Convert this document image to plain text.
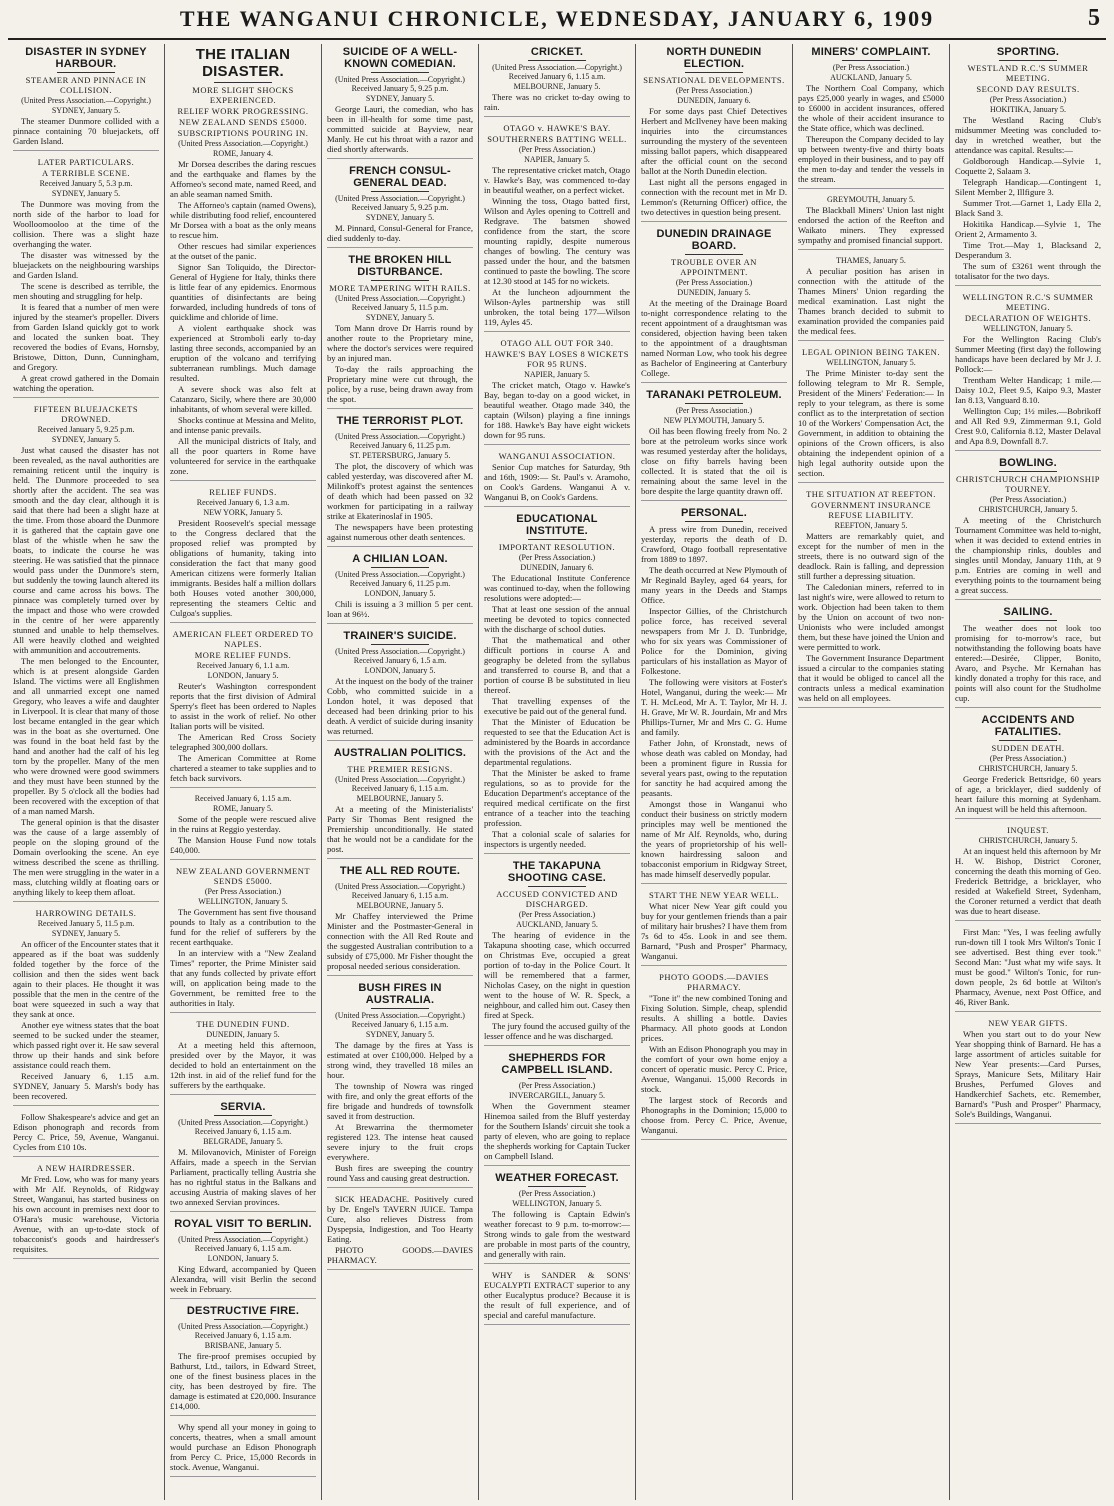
THE WANGANUI CHRONICLE, WEDNESDAY, JANUARY 6, 1909	5
DISASTER IN SYDNEY HARBOUR.
STEAMER AND PINNACE IN COLLISION.
(United Press Association.—Copyright.)
SYDNEY, January 5.
The steamer Dunmore collided with a pinnace containing 70 bluejackets, off Garden Island.
LATER PARTICULARS.
A TERRIBLE SCENE.
Received January 5, 5.3 p.m.
SYDNEY, January 5.
The Dunmore was moving from the north side of the harbor to load for Woolloomooloo at the time of the collision. There was a slight haze overhanging the water.
The disaster was witnessed by the bluejackets on the neighbouring warships and Garden Island.
The scene is described as terrible, the men shouting and struggling for help.
It is feared that a number of men were injured by the steamer's propeller. Divers from Garden Island quickly got to work and located the sunken boat. They recovered the bodies of Evans, Hornsby, Bristowe, Ditton, Dunn, Cunningham, and Gregory.
A great crowd gathered in the Domain watching the operation.
FIFTEEN BLUEJACKETS DROWNED.
Received January 5, 9.25 p.m.
SYDNEY, January 5.
Just what caused the disaster has not been revealed, as the naval authorities are remaining reticent until the inquiry is held. The Dunmore proceeded to sea shortly after the accident. The sea was smooth and the day clear, although it is said that there had been a slight haze at the time. From those aboard the Dunmore it is gathered that the captain gave one blast of the whistle when he saw the boats, to indicate the course he was steering. He was satisfied that the pinnace would pass under the Dunmore's stern, but suddenly the towing launch altered its course and came across his bows. The pinnace was completely turned over by the impact and those who were crowded in the centre of her were apparently stunned and unable to help themselves. All were heavily clothed and weighted with ammunition and accoutrements.
The men belonged to the Encounter, which is at present alongside Garden Island. The victims were all Englishmen and all unmarried except one named Gregory, who leaves a wife and daughter in Liverpool. It is clear that many of those lost became entangled in the gear which was in the boat as she overturned. One was found in the boat held fast by the hand and another had the calf of his leg torn by the propeller. Many of the men who were drowned were good swimmers and they must have been stunned by the propeller. By 5 o'clock all the bodies had been recovered with the exception of that of a man named Marsh.
The general opinion is that the disaster was the cause of a large assembly of people on the sloping ground of the Domain overlooking the scene. An eye witness described the scene as thrilling. The men were struggling in the water in a mass, clutching wildly at floating oars or anything likely to keep them afloat.
HARROWING DETAILS.
Received January 5, 11.5 p.m.
SYDNEY, January 5.
An officer of the Encounter states that it appeared as if the boat was suddenly folded together by the force of the collision and then the sides went back again to their places. He thought it was possible that the men in the centre of the boat were squeezed in such a way that they sank at once.
Another eye witness states that the boat seemed to be sucked under the steamer, which passed right over it. He saw several throw up their hands and sink before assistance could reach them.
Received January 6, 1.15 a.m. SYDNEY, January 5. Marsh's body has been recovered.
Follow Shakespeare's advice and get an Edison phonograph and records from Percy C. Price, 59, Avenue, Wanganui. Cycles from £10 10s.
A NEW HAIRDRESSER.
Mr Fred. Low, who was for many years with Mr Alf. Reynolds, of Ridgway Street, Wanganui, has started business on his own account in premises next door to O'Hara's music warehouse, Victoria Avenue, with an up-to-date stock of tobacconist's goods and hairdresser's requisites.
THE ITALIAN DISASTER.
MORE SLIGHT SHOCKS EXPERIENCED.
RELIEF WORK PROGRESSING.
NEW ZEALAND SENDS £5000.
SUBSCRIPTIONS POURING IN.
(United Press Association.—Copyright.)
ROME, January 4.
Mr Dorsea describes the daring rescues and the earthquake and flames by the Afforneo's second mate, named Reed, and an able seaman named Smith.
The Afforneo's captain (named Owens), while distributing food relief, encountered Mr Dorsea with a boat as the only means to rescue him.
Other rescues had similar experiences at the outset of the panic.
Signor San Toliquido, the Director-General of Hygiene for Italy, thinks there is little fear of any epidemics. Enormous quantities of disinfectants are being forwarded, including hundreds of tons of quicklime and chloride of lime.
A violent earthquake shock was experienced at Stromboli early to-day lasting three seconds, accompanied by an eruption of the volcano and terrifying subterranean rumblings. Much damage resulted.
A severe shock was also felt at Catanzaro, Sicily, where there are 30,000 inhabitants, of whom several were killed.
Shocks continue at Messina and Melito, and intense panic prevails.
All the municipal districts of Italy, and all the poor quarters in Rome have volunteered for service in the earthquake zone.
RELIEF FUNDS.
Received January 6, 1.3 a.m.
NEW YORK, January 5.
President Roosevelt's special message to the Congress declared that the proposed relief was prompted by obligations of humanity, taking into consideration the fact that many good American citizens were formerly Italian immigrants. Besides half a million dollars both Houses voted another 300,000, representing the steamers Celtic and Culgoa's supplies.
AMERICAN FLEET ORDERED TO NAPLES.
MORE RELIEF FUNDS.
Received January 6, 1.1 a.m.
LONDON, January 5.
Reuter's Washington correspondent reports that the first division of Admiral Sperry's fleet has been ordered to Naples to assist in the work of relief. No other Italian ports will be visited.
The American Red Cross Society telegraphed 300,000 dollars.
The American Committee at Rome chartered a steamer to take supplies and to fetch back survivors.
Received January 6, 1.15 a.m.
ROME, January 5.
Some of the people were rescued alive in the ruins at Reggio yesterday.
The Mansion House Fund now totals £40,000.
NEW ZEALAND GOVERNMENT SENDS £5000.
(Per Press Association.)
WELLINGTON, January 5.
The Government has sent five thousand pounds to Italy as a contribution to the fund for the relief of sufferers by the recent earthquake.
In an interview with a "New Zealand Times" reporter, the Prime Minister said that any funds collected by private effort will, on application being made to the Government, be remitted free to the authorities in Italy.
THE DUNEDIN FUND.
DUNEDIN, January 5.
At a meeting held this afternoon, presided over by the Mayor, it was decided to hold an entertainment on the 12th inst. in aid of the relief fund for the sufferers by the earthquake.
SERVIA.
(United Press Association.—Copyright.) Received January 6, 1.15 a.m.
BELGRADE, January 5.
M. Milovanovich, Minister of Foreign Affairs, made a speech in the Servian Parliament, practically telling Austria she has no rightful status in the Balkans and accusing Austria of making slaves of her two annexed Servian provinces.
ROYAL VISIT TO BERLIN.
(United Press Association.—Copyright.) Received January 6, 1.15 a.m.
LONDON, January 5.
King Edward, accompanied by Queen Alexandra, will visit Berlin the second week in February.
DESTRUCTIVE FIRE.
(United Press Association.—Copyright.) Received January 6, 1.15 a.m.
BRISBANE, January 5.
The fire-proof premises occupied by Bathurst, Ltd., tailors, in Edward Street, one of the finest business places in the city, has been destroyed by fire. The damage is estimated at £20,000. Insurance £14,000.
Why spend all your money in going to concerts, theatres, when a small amount would purchase an Edison Phonograph from Percy C. Price, 15,000 Records in stock. Avenue, Wanganui.
SUICIDE OF A WELL-KNOWN COMEDIAN.
(United Press Association.—Copyright.) Received January 5, 9.25 p.m.
SYDNEY, January 5.
George Lauri, the comedian, who has been in ill-health for some time past, committed suicide at Bayview, near Manly. He cut his throat with a razor and died shortly afterwards.
FRENCH CONSUL-GENERAL DEAD.
(United Press Association.—Copyright.) Received January 5, 9.25 p.m.
SYDNEY, January 5.
M. Pinnard, Consul-General for France, died suddenly to-day.
THE BROKEN HILL DISTURBANCE.
MORE TAMPERING WITH RAILS.
(United Press Association.—Copyright.) Received January 5, 11.5 p.m.
SYDNEY, January 5.
Tom Mann drove Dr Harris round by another route to the Proprietary mine, where the doctor's services were required by an injured man.
To-day the rails approaching the Proprietary mine were cut through, the police, by a ruse, being drawn away from the spot.
THE TERRORIST PLOT.
(United Press Association.—Copyright.) Received January 6, 11.25 p.m.
ST. PETERSBURG, January 5.
The plot, the discovery of which was cabled yesterday, was discovered after M. Milinkoff's protest against the sentences of death which had been passed on 32 workmen for participating in a railway strike at Ekaterinoslaf in 1905.
The newspapers have been protesting against numerous other death sentences.
A CHILIAN LOAN.
(United Press Association.—Copyright.) Received January 6, 11.25 p.m.
LONDON, January 5.
Chili is issuing a 3 million 5 per cent. loan at 96½.
TRAINER'S SUICIDE.
(United Press Association.—Copyright.) Received January 6, 1.5 a.m.
LONDON, January 5.
At the inquest on the body of the trainer Cobb, who committed suicide in a London hotel, it was deposed that deceased had been drinking prior to his death. A verdict of suicide during insanity was returned.
AUSTRALIAN POLITICS.
THE PREMIER RESIGNS.
(United Press Association.—Copyright.) Received January 6, 1.15 a.m.
MELBOURNE, January 5.
At a meeting of the Ministerialists' Party Sir Thomas Bent resigned the Premiership unconditionally. He stated that he would not be a candidate for the post.
THE ALL RED ROUTE.
(United Press Association.—Copyright.) Received January 6, 1.15 a.m.
MELBOURNE, January 5.
Mr Chaffey interviewed the Prime Minister and the Postmaster-General in connection with the All Red Route and the suggested Australian contribution to a subsidy of £75,000. Mr Fisher thought the proposal needed serious consideration.
BUSH FIRES IN AUSTRALIA.
(United Press Association.—Copyright.) Received January 6, 1.15 a.m.
SYDNEY, January 5.
The damage by the fires at Yass is estimated at over £100,000. Helped by a strong wind, they travelled 18 miles an hour.
The township of Nowra was ringed with fire, and only the great efforts of the fire brigade and hundreds of townsfolk saved it from destruction.
At Brewarrina the thermometer registered 123. The intense heat caused severe injury to the fruit crops everywhere.
Bush fires are sweeping the country round Yass and causing great destruction.
SICK HEADACHE. Positively cured by Dr. Engel's TAVERN JUICE. Tampa Cure, also relieves Distress from Dyspepsia, Indigestion, and Too Hearty Eating.
PHOTO GOODS.—DAVIES PHARMACY.
CRICKET.
(United Press Association.—Copyright.) Received January 6, 1.15 a.m.
MELBOURNE, January 5.
There was no cricket to-day owing to rain.
OTAGO v. HAWKE'S BAY.
SOUTHERNERS BATTING WELL.
(Per Press Association.)
NAPIER, January 5.
The representative cricket match, Otago v. Hawke's Bay, was commenced to-day in beautiful weather, on a perfect wicket.
Winning the toss, Otago batted first, Wilson and Ayles opening to Cottrell and Redgrave. The batsmen showed confidence from the start, the score mounting rapidly, despite numerous changes of bowling. The century was passed under the hour, and the batsmen continued to paste the bowling. The score at 12.30 stood at 145 for no wickets.
At the luncheon adjournment the Wilson-Ayles partnership was still unbroken, the total being 177—Wilson 119, Ayles 45.
OTAGO ALL OUT FOR 340.
HAWKE'S BAY LOSES 8 WICKETS FOR 95 RUNS.
NAPIER, January 5.
The cricket match, Otago v. Hawke's Bay, began to-day on a good wicket, in beautiful weather. Otago made 340, the captain (Wilson) playing a fine innings for 188. Hawke's Bay have eight wickets down for 95 runs.
WANGANUI ASSOCIATION.
Senior Cup matches for Saturday, 9th and 16th, 1909:— St. Paul's v. Aramoho, on Cook's Gardens. Wanganui A v. Wanganui B, on Cook's Gardens.
EDUCATIONAL INSTITUTE.
IMPORTANT RESOLUTION.
(Per Press Association.)
DUNEDIN, January 6.
The Educational Institute Conference was continued to-day, when the following resolutions were adopted:—
That at least one session of the annual meeting be devoted to topics connected with the discharge of school duties.
That the mathematical and other difficult portions in course A and geography be deleted from the syllabus and transferred to course B, and that a portion of course B be substituted in lieu thereof.
That travelling expenses of the executive be paid out of the general fund.
That the Minister of Education be requested to see that the Education Act is administered by the Boards in accordance with the provisions of the Act and the departmental regulations.
That the Minister be asked to frame regulations, so as to provide for the Education Department's acceptance of the required medical certificate on the first entrance of a teacher into the teaching profession.
That a colonial scale of salaries for inspectors is urgently needed.
THE TAKAPUNA SHOOTING CASE.
ACCUSED CONVICTED AND DISCHARGED.
(Per Press Association.)
AUCKLAND, January 5.
The hearing of evidence in the Takapuna shooting case, which occurred on Christmas Eve, occupied a great portion of to-day in the Police Court. It will be remembered that a farmer, Nicholas Casey, on the night in question went to the house of W. R. Speck, a neighbour, and called him out. Casey then fired at Speck.
The jury found the accused guilty of the lesser offence and he was discharged.
SHEPHERDS FOR CAMPBELL ISLAND.
(Per Press Association.)
INVERCARGILL, January 5.
When the Government steamer Hinemoa sailed from the Bluff yesterday for the Southern Islands' circuit she took a party of eleven, who are going to replace the shepherds working for Captain Tucker on Campbell Island.
WEATHER FORECAST.
(Per Press Association.)
WELLINGTON, January 5.
The following is Captain Edwin's weather forecast to 9 p.m. to-morrow:— Strong winds to gale from the westward are probable in most parts of the country, and generally with rain.
WHY is SANDER & SONS' EUCALYPTI EXTRACT superior to any other Eucalyptus produce? Because it is the result of full experience, and of special and careful manufacture.
NORTH DUNEDIN ELECTION.
SENSATIONAL DEVELOPMENTS.
(Per Press Association.)
DUNEDIN, January 6.
For some days past Chief Detectives Herbert and McIlveney have been making inquiries into the circumstances surrounding the mystery of the seventeen missing ballot papers, which disappeared after the official count on the second ballot at the North Dunedin election.
Last night all the persons engaged in connection with the recount met in Mr D. Lemmon's (Returning Officer) office, the two detectives in question being present.
DUNEDIN DRAINAGE BOARD.
TROUBLE OVER AN APPOINTMENT.
(Per Press Association.)
DUNEDIN, January 5.
At the meeting of the Drainage Board to-night correspondence relating to the recent appointment of a draughtsman was considered, objection having been taken to the appointment of a draughtsman named Norman Low, who took his degree as Bachelor of Engineering at Canterbury College.
TARANAKI PETROLEUM.
(Per Press Association.)
NEW PLYMOUTH, January 5.
Oil has been flowing freely from No. 2 bore at the petroleum works since work was resumed yesterday after the holidays, close on fifty barrels having been collected. It is stated that the oil is remaining about the same level in the bore despite the large quantity drawn off.
PERSONAL.
A press wire from Dunedin, received yesterday, reports the death of D. Crawford, Otago football representative from 1889 to 1897.
The death occurred at New Plymouth of Mr Reginald Bayley, aged 64 years, for many years in the Deeds and Stamps Office.
Inspector Gillies, of the Christchurch police force, has received several newspapers from Mr J. D. Tunbridge, who for six years was Commissioner of Police for the Dominion, giving particulars of his installation as Mayor of Folkestone.
The following were visitors at Foster's Hotel, Wanganui, during the week:— Mr T. H. McLeod, Mr A. T. Taylor, Mr H. J. H. Grave, Mr W. R. Jourdain, Mr and Mrs Phillips-Turner, Mr and Mrs C. G. Hume and family.
Father John, of Kronstadt, news of whose death was cabled on Monday, had been a prominent figure in Russia for several years past, owing to the reputation for sanctity he had acquired among the peasants.
Amongst those in Wanganui who conduct their business on strictly modern principles may well be mentioned the name of Mr Alf. Reynolds, who, during the years of proprietorship of his well-known hairdressing saloon and tobacconist emporium in Ridgway Street, has made himself deservedly popular.
START THE NEW YEAR WELL.
What nicer New Year gift could you buy for your gentlemen friends than a pair of military hair brushes? I have them from 7s 6d to 45s. Look in and see them. Barnard, "Push and Prosper" Pharmacy, Wanganui.
PHOTO GOODS.—DAVIES PHARMACY.
"Tone it" the new combined Toning and Fixing Solution. Simple, cheap, splendid results. A shilling a bottle. Davies Pharmacy. All photo goods at London prices.
With an Edison Phonograph you may in the comfort of your own home enjoy a concert of operatic music. Percy C. Price, Avenue, Wanganui. 15,000 Records in stock.
The largest stock of Records and Phonographs in the Dominion; 15,000 to choose from. Percy C. Price, Avenue, Wanganui.
MINERS' COMPLAINT.
(Per Press Association.)
AUCKLAND, January 5.
The Northern Coal Company, which pays £25,000 yearly in wages, and £5000 to £6000 in accident insurances, offered the whole of their accident insurance to the State office, which was declined.
Thereupon the Company decided to lay up between twenty-five and thirty boats employed in their business, and to pay off the men to-day and tender the vessels in the stream.
GREYMOUTH, January 5.
The Blackball Miners' Union last night endorsed the action of the Reefton and Waikato miners. They expressed sympathy and promised financial support.
THAMES, January 5.
A peculiar position has arisen in connection with the attitude of the Thames Miners' Union regarding the medical examination. Last night the Thames branch decided to submit to examination provided the companies paid the medical fees.
LEGAL OPINION BEING TAKEN.
WELLINGTON, January 5.
The Prime Minister to-day sent the following telegram to Mr R. Semple, President of the Miners' Federation:— In reply to your telegram, as there is some conflict as to the interpretation of section 10 of the Workers' Compensation Act, the Government, in addition to obtaining the opinions of the Crown officers, is also obtaining the independent opinion of a high legal authority outside upon the section.
THE SITUATION AT REEFTON.
GOVERNMENT INSURANCE REFUSE LIABILITY.
REEFTON, January 5.
Matters are remarkably quiet, and except for the number of men in the streets, there is no outward sign of the deadlock. Rain is falling, and depression still further a depressing situation.
The Caledonian miners, referred to in last night's wire, were allowed to return to work. Objection had been taken to them by the Union on account of two non-Unionists who were included amongst them, but these have joined the Union and were permitted to work.
The Government Insurance Department issued a circular to the companies stating that it would be obliged to cancel all the contracts unless a medical examination was held on all employees.
SPORTING.
WESTLAND R.C.'S SUMMER MEETING.
SECOND DAY RESULTS.
(Per Press Association.)
HOKITIKA, January 5.
The Westland Racing Club's midsummer Meeting was concluded to-day in wretched weather, but the attendance was capital. Results:—
Goldborough Handicap.—Sylvie 1, Coquette 2, Salaam 3.
Telegraph Handicap.—Contingent 1, Silent Member 2, Illfigure 3.
Summer Trot.—Garnet 1, Lady Ella 2, Black Sand 3.
Hokitika Handicap.—Sylvie 1, The Orient 2, Armamento 3.
Time Trot.—May 1, Blacksand 2, Desperandum 3.
The sum of £3261 went through the totalisator for the two days.
WELLINGTON R.C.'S SUMMER MEETING.
DECLARATION OF WEIGHTS.
WELLINGTON, January 5.
For the Wellington Racing Club's Summer Meeting (first day) the following handicaps have been declared by Mr J. J. Pollock:—
Trentham Welter Handicap; 1 mile.—Daisy 10.2, Fleet 9.5, Kaipo 9.3, Master Ian 8.13, Vanguard 8.10.
Wellington Cup; 1½ miles.—Bobrikoff and All Red 9.9, Zimmerman 9.1, Gold Crest 9.0, California 8.12, Master Delaval and Apa 8.9, Downfall 8.7.
BOWLING.
CHRISTCHURCH CHAMPIONSHIP TOURNEY.
(Per Press Association.)
CHRISTCHURCH, January 5.
A meeting of the Christchurch Tournament Committee was held to-night, when it was decided to extend entries in the championship rinks, doubles and singles until Monday, January 11th, at 9 p.m. Entries are coming in well and everything points to the tournament being a great success.
SAILING.
The weather does not look too promising for to-morrow's race, but notwithstanding the following boats have entered:—Desirée, Clipper, Bonito, Avaro, and Psyche. Mr Kernahan has kindly donated a trophy for this race, and points will also count for the Studholme cup.
ACCIDENTS AND FATALITIES.
SUDDEN DEATH.
(Per Press Association.)
CHRISTCHURCH, January 5.
George Frederick Bettsridge, 60 years of age, a bricklayer, died suddenly of heart failure this morning at Sydenham. An inquest will be held this afternoon.
INQUEST.
CHRISTCHURCH, January 5.
At an inquest held this afternoon by Mr H. W. Bishop, District Coroner, concerning the death this morning of Geo. Frederick Bettridge, a bricklayer, who resided at Wakefield Street, Sydenham, the Coroner returned a verdict that death was due to heart disease.
First Man: "Yes, I was feeling awfully run-down till I took Mrs Wilton's Tonic I see advertised. Best thing ever took." Second Man: "Just what my wife says. It must be good." Wilton's Tonic, for run-down people, 2s 6d bottle at Wilton's Pharmacy, Avenue, next Post Office, and 46, River Bank.
NEW YEAR GIFTS.
When you start out to do your New Year shopping think of Barnard. He has a large assortment of articles suitable for New Year presents:—Card Purses, Sprays, Manicure Sets, Military Hair Brushes, Perfumed Gloves and Handkerchief Sachets, etc. Remember, Barnard's "Push and Prosper" Pharmacy, Sole's Buildings, Wanganui.
